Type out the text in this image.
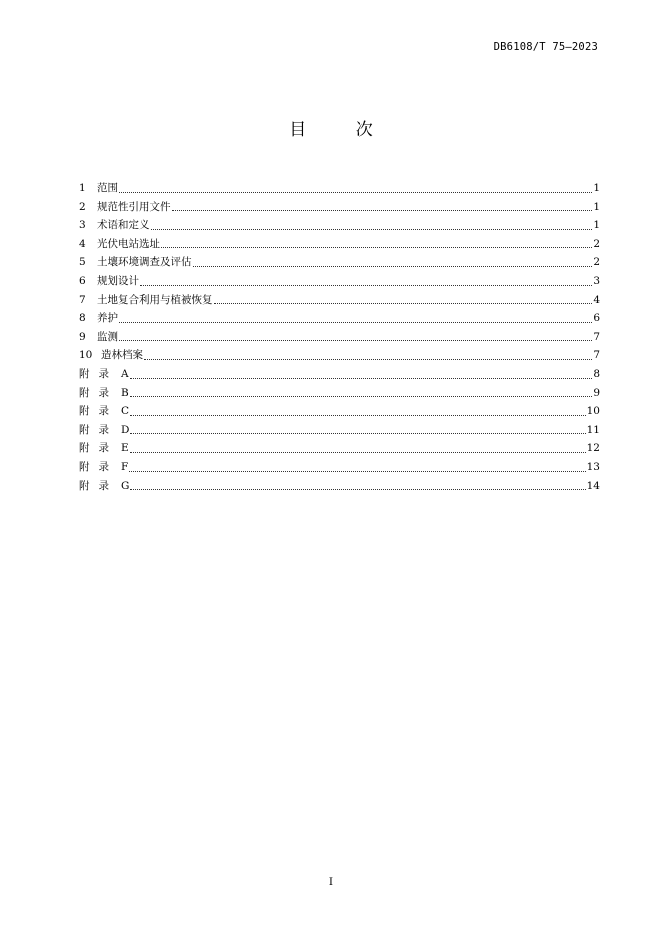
DB6108/T 75—2023
目 次
1	范围	1
2	规范性引用文件	1
3	术语和定义	1
4	光伏电站选址	2
5	土壤环境调查及评估	2
6	规划设计	3
7	土地复合利用与植被恢复	4
8	养护	6
9	监测	7
10 造林档案	7
附录 A	8
附录 B	9
附录 C	10
附录 D	11
附录 E	12
附录 F	13
附录 G	14
I
